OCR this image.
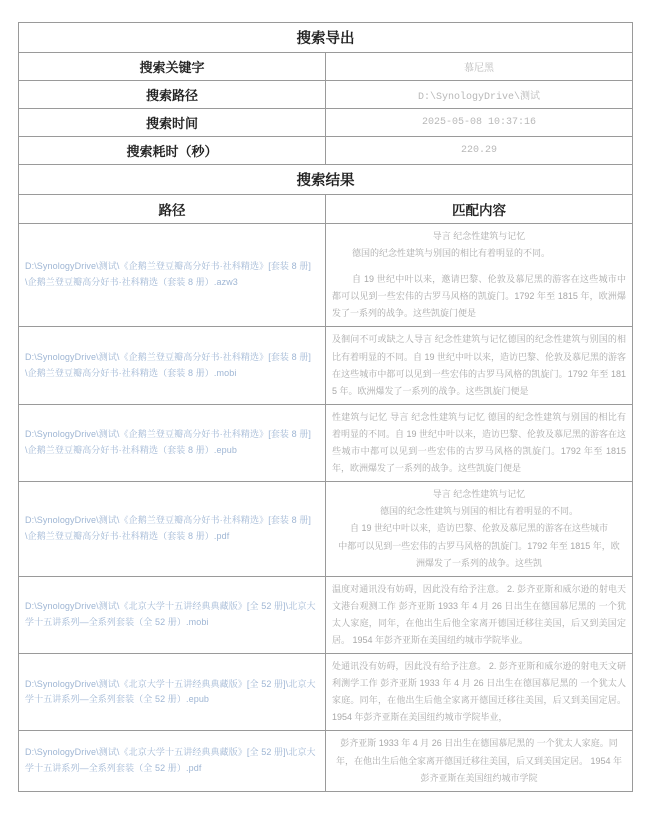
搜索导出	
搜索关键字	慕尼黑
搜索路径	D:\SynologyDrive\测试
搜索时间	2025-05-08 10:37:16
搜索耗时（秒）	220.29
搜索结果	
路径	匹配内容
D:\SynologyDrive\测试\《企鹅兰登豆瓣高分好书·社科精选》[套装 8 册]\企鹅兰登豆瓣高分好书·社科精选（套装 8 册）.azw3	导言 纪念性建筑与记忆
德国的纪念性建筑与别国的相比有着明显的不同。
自 19 世纪中叶以来，邀请巴黎、伦敦及慕尼黑的游客在这些城市中都可以见到一些宏伟的古罗马风格的凯旋门。1792 年至 1815 年，欧洲爆发了一系列的战争。这些凯旋门便是

D:\SynologyDrive\测试\《企鹅兰登豆瓣高分好书·社科精选》[套装 8 册]\企鹅兰登豆瓣高分好书·社科精选（套装 8 册）.mobi	及徊问不可或缺之人导言 纪念性建筑与记忆德国的纪念性建筑与别国的相比有着明显的不同。自 19 世纪中叶以来，造访巴黎、伦敦及慕尼黑的游客在这些城市中都可以见到一些宏伟的古罗马风格的凯旋门。1792 年至 1815 年。欧洲爆发了一系列的战争。这些凯旋门便是

D:\SynologyDrive\测试\《企鹅兰登豆瓣高分好书·社科精选》[套装 8 册]\企鹅兰登豆瓣高分好书·社科精选（套装 8 册）.epub	性建筑与记忆 导言 纪念性建筑与记忆 德国的纪念性建筑与别国的相比有着明显的不同。自 19 世纪中叶以来，造访巴黎、伦敦及慕尼黑的游客在这些城市中都可以见到一些宏伟的古罗马风格的凯旋门。1792 年至 1815 年，欧洲爆发了一系列的战争。这些凯旋门便是

D:\SynologyDrive\测试\《企鹅兰登豆瓣高分好书·社科精选》[套装 8 册]\企鹅兰登豆瓣高分好书·社科精选（套装 8 册）.pdf	导言 纪念性建筑与记忆
德国的纪念性建筑与别国的相比有着明显的不同。
自 19 世纪中叶以来，造访巴黎、伦敦及慕尼黑的游客在这些城市
中都可以见到一些宏伟的古罗马风格的凯旋门。1792 年至 1815 年，欧
洲爆发了一系列的战争。这些凯

D:\SynologyDrive\测试\《北京大学十五讲经典典藏版》[全 52 册]\北京大学十五讲系列—全系列套装（全 52 册）.mobi	温度对通讯没有妨碍，因此没有给予注意。 2. 彭齐亚斯和威尔逊的射电天文港台观测工作 彭齐亚斯 1933 年 4 月 26 日出生在德国慕尼黑的 一个犹太人家庭，同年，在他出生后他全家离开德国迁移往美国，后又到美国定居。 1954 年彭齐亚斯在美国纽约城市学院毕业。

D:\SynologyDrive\测试\《北京大学十五讲经典典藏版》[全 52 册]\北京大学十五讲系列—全系列套装（全 52 册）.epub	处通讯没有妨碍，因此没有给予注意。 2. 彭齐亚斯和威尔逊的射电天文研利测学工作 彭齐亚斯 1933 年 4 月 26 日出生在德国慕尼黑的 一个犹太人家庭。同年，在他出生后他全家离开德国迁移往美国，后又到美国定居。 1954 年彭齐亚斯在美国纽约城市学院毕业，

D:\SynologyDrive\测试\《北京大学十五讲经典典藏版》[全 52 册]\北京大学十五讲系列—全系列套装（全 52 册）.pdf	彭齐亚斯 1933 年 4 月 26 日出生在德国慕尼黑的 一个犹太人家庭。同
年，在他出生后他全家离开德国迁移往美国，后又到美国定居。 1954 年
彭齐亚斯在美国纽约城市学院
